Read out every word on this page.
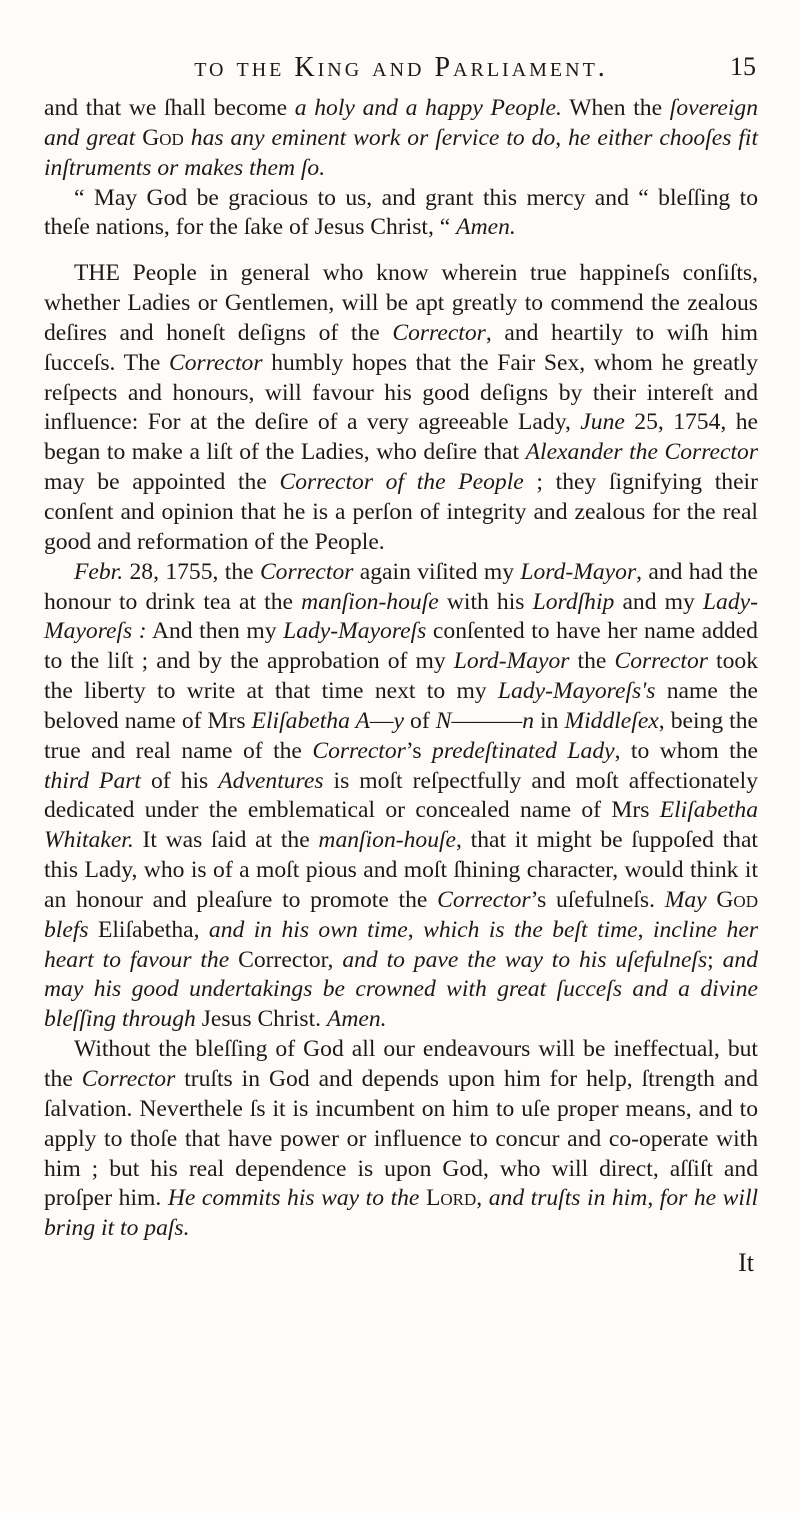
to the King and Parliament.	15

and that we ſhall become a holy and a happy People. When the ſovereign and great God has any eminent work or ſervice to do, he either chooſes fit inſtruments or makes them ſo.

“ May God be gracious to us, and grant this mercy and “ bleſſing to theſe nations, for the ſake of Jesus Christ, “ Amen.

THE People in general who know wherein true happineſs conſiſts, whether Ladies or Gentlemen, will be apt greatly to commend the zealous deſires and honeſt deſigns of the Corrector, and heartily to wiſh him ſucceſs. The Corrector humbly hopes that the Fair Sex, whom he greatly reſpects and honours, will favour his good deſigns by their intereſt and influence: For at the deſire of a very agreeable Lady, June 25, 1754, he began to make a liſt of the Ladies, who deſire that Alexander the Corrector may be appointed the Corrector of the People ; they ſignifying their conſent and opinion that he is a perſon of integrity and zealous for the real good and reformation of the People.

Febr. 28, 1755, the Corrector again viſited my Lord-Mayor, and had the honour to drink tea at the manſion-houſe with his Lordſhip and my Lady-Mayoreſs : And then my Lady-Mayoreſs conſented to have her name added to the liſt ; and by the approbation of my Lord-Mayor the Corrector took the liberty to write at that time next to my Lady-Mayoreſs's name the beloved name of Mrs Eliſabetha A—y of N———n in Middleſex, being the true and real name of the Corrector’s predeſtinated Lady, to whom the third Part of his Adventures is moſt reſpectfully and moſt affectionately dedicated under the emblematical or concealed name of Mrs Eliſabetha Whitaker. It was ſaid at the manſion-houſe, that it might be ſuppoſed that this Lady, who is of a moſt pious and moſt ſhining character, would think it an honour and pleaſure to promote the Corrector’s uſefulneſs. May God blefs Eliſabetha, and in his own time, which is the beſt time, incline her heart to favour the Corrector, and to pave the way to his uſefulneſs; and may his good undertakings be crowned with great ſucceſs and a divine bleſſing through Jesus Christ. Amen.

Without the bleſſing of God all our endeavours will be ineffectual, but the Corrector truſts in God and depends upon him for help, ſtrength and ſalvation. Neverthele ſs it is incumbent on him to uſe proper means, and to apply to thoſe that have power or influence to concur and co-operate with him ; but his real dependence is upon God, who will direct, aſſiſt and proſper him. He commits his way to the Lord, and truſts in him, for he will bring it to paſs.

It
